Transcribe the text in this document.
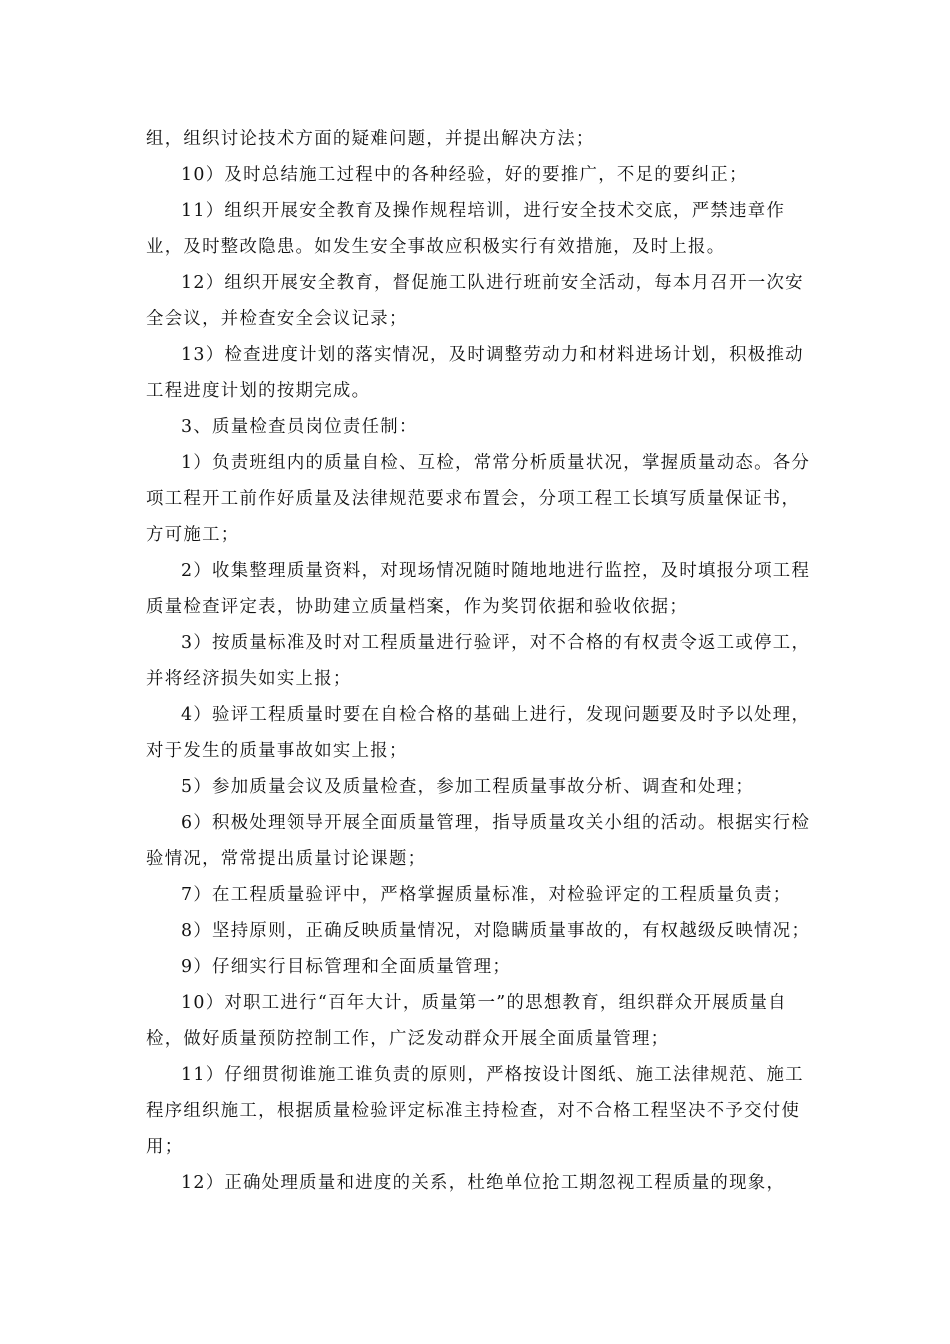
组，组织讨论技术方面的疑难问题，并提出解决方法；

10）及时总结施工过程中的各种经验，好的要推广，不足的要纠正；

11）组织开展安全教育及操作规程培训，进行安全技术交底，严禁违章作业，及时整改隐患。如发生安全事故应积极实行有效措施，及时上报。

12）组织开展安全教育，督促施工队进行班前安全活动，每本月召开一次安全会议，并检查安全会议记录；

13）检查进度计划的落实情况，及时调整劳动力和材料进场计划，积极推动工程进度计划的按期完成。

3、质量检查员岗位责任制：

1）负责班组内的质量自检、互检，常常分析质量状况，掌握质量动态。各分项工程开工前作好质量及法律规范要求布置会，分项工程工长填写质量保证书，方可施工；

2）收集整理质量资料，对现场情况随时随地地进行监控，及时填报分项工程质量检查评定表，协助建立质量档案，作为奖罚依据和验收依据；

3）按质量标准及时对工程质量进行验评，对不合格的有权责令返工或停工，并将经济损失如实上报；

4）验评工程质量时要在自检合格的基础上进行，发现问题要及时予以处理，对于发生的质量事故如实上报；

5）参加质量会议及质量检查，参加工程质量事故分析、调查和处理；

6）积极处理领导开展全面质量管理，指导质量攻关小组的活动。根据实行检验情况，常常提出质量讨论课题；

7）在工程质量验评中，严格掌握质量标准，对检验评定的工程质量负责；

8）坚持原则，正确反映质量情况，对隐瞒质量事故的，有权越级反映情况；

9）仔细实行目标管理和全面质量管理；

10）对职工进行“百年大计，质量第一”的思想教育，组织群众开展质量自检，做好质量预防控制工作，广泛发动群众开展全面质量管理；

11）仔细贯彻谁施工谁负责的原则，严格按设计图纸、施工法律规范、施工程序组织施工，根据质量检验评定标准主持检查，对不合格工程坚决不予交付使用；

12）正确处理质量和进度的关系，杜绝单位抢工期忽视工程质量的现象，
